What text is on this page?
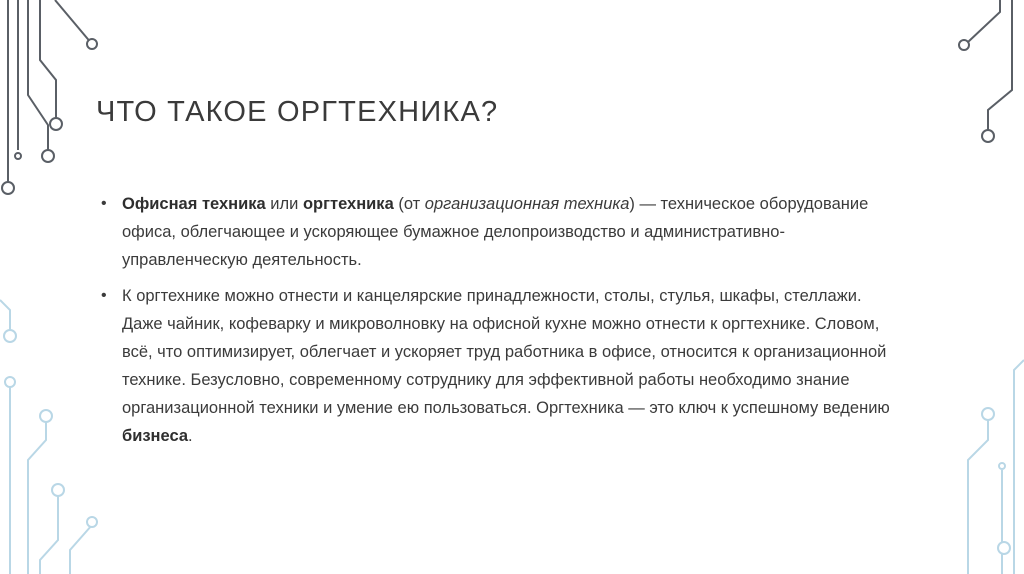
ЧТО ТАКОЕ ОРГТЕХНИКА?

• Офисная техника или оргтехника (от организационная техника) — техническое оборудование офиса, облегчающее и ускоряющее бумажное делопроизводство и административно-управленческую деятельность.

• К оргтехнике можно отнести и канцелярские принадлежности, столы, стулья, шкафы, стеллажи. Даже чайник, кофеварку и микроволновку на офисной кухне можно отнести к оргтехнике. Словом, всё, что оптимизирует, облегчает и ускоряет труд работника в офисе, относится к организационной технике. Безусловно, современному сотруднику для эффективной работы необходимо знание организационной техники и умение ею пользоваться. Оргтехника — это ключ к успешному ведению бизнеса.
